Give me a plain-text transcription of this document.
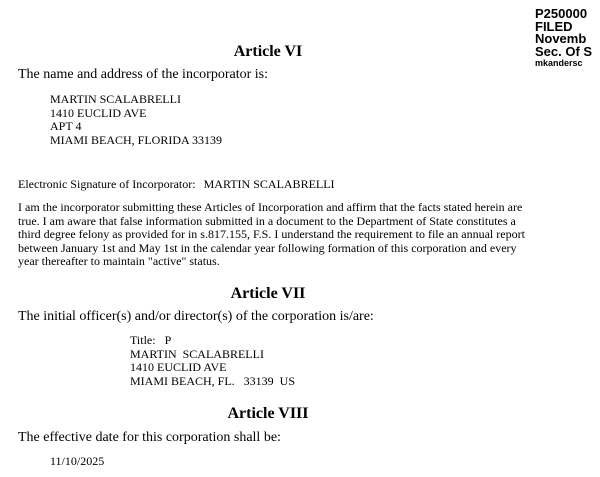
P250000
FILED
Novemb
Sec. Of S
mkandersc
Article VI
The name and address of the incorporator is:
MARTIN SCALABRELLI
1410 EUCLID AVE
APT 4
MIAMI BEACH, FLORIDA 33139
Electronic Signature of Incorporator: MARTIN SCALABRELLI
I am the incorporator submitting these Articles of Incorporation and affirm that the facts stated herein are
true. I am aware that false information submitted in a document to the Department of State constitutes a
third degree felony as provided for in s.817.155, F.S. I understand the requirement to file an annual report
between January 1st and May 1st in the calendar year following formation of this corporation and every
year thereafter to maintain "active" status.
Article VII
The initial officer(s) and/or director(s) of the corporation is/are:
Title:   P
MARTIN  SCALABRELLI
1410 EUCLID AVE
MIAMI BEACH, FL.   33139  US
Article VIII
The effective date for this corporation shall be:
11/10/2025
